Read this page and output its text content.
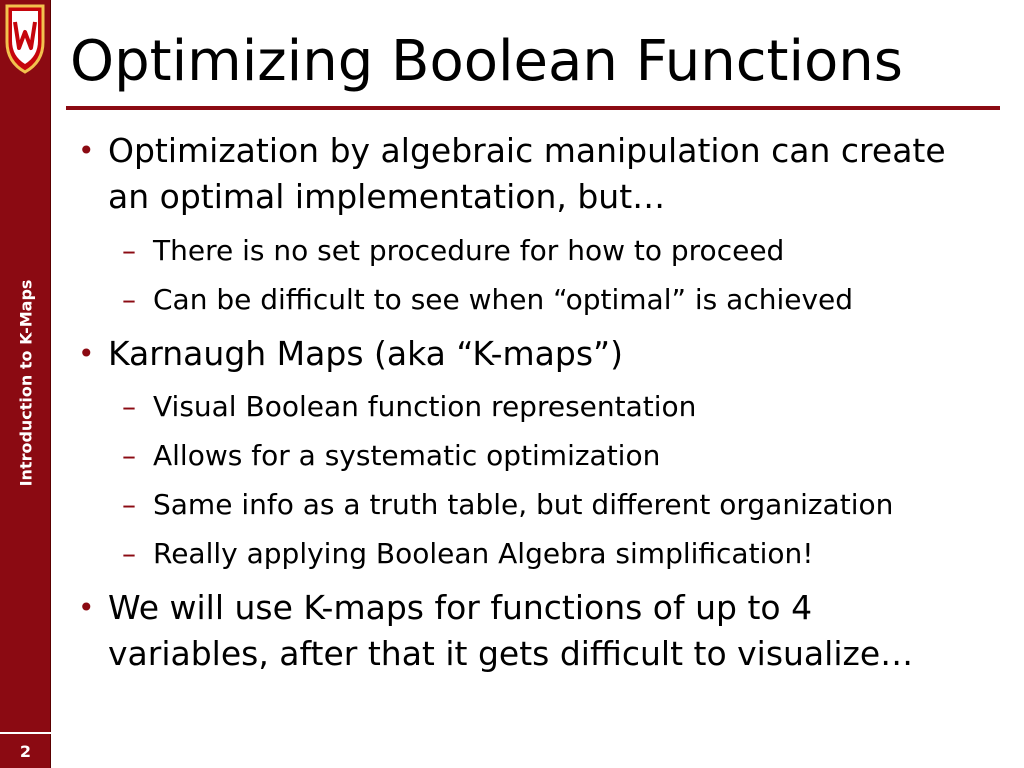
Introduction to K-Maps
2
Optimizing Boolean Functions
• Optimization by algebraic manipulation can create
an optimal implementation, but…
– There is no set procedure for how to proceed
– Can be difficult to see when “optimal” is achieved
• Karnaugh Maps (aka “K-maps”)
– Visual Boolean function representation
– Allows for a systematic optimization
– Same info as a truth table, but different organization
– Really applying Boolean Algebra simplification!
• We will use K-maps for functions of up to 4
variables, after that it gets difficult to visualize…
